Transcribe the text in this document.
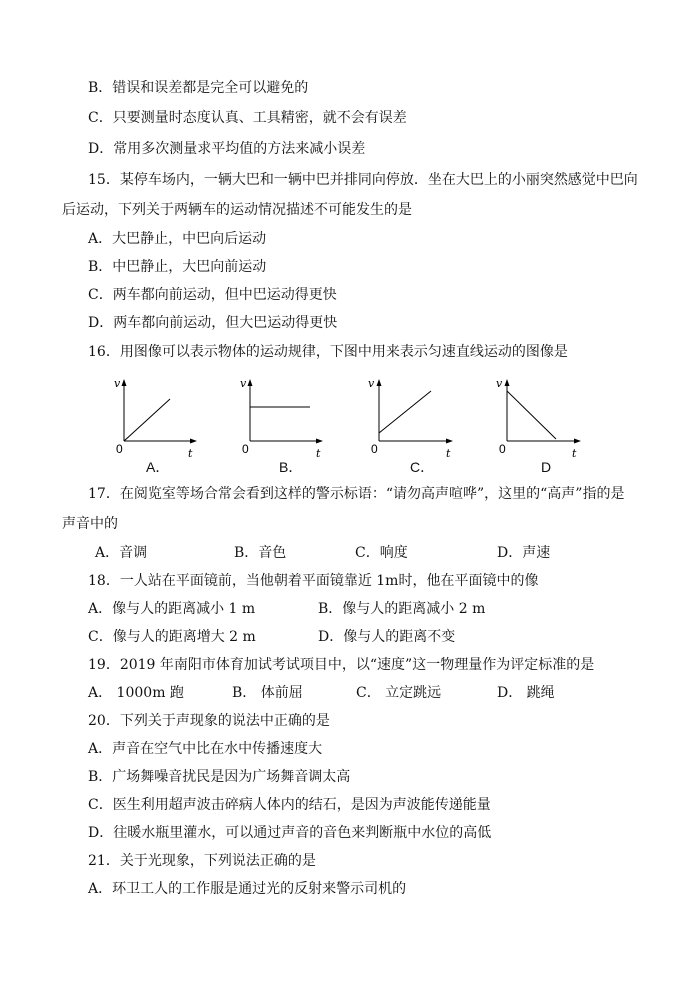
B．错误和误差都是完全可以避免的
C．只要测量时态度认真、工具精密，就不会有误差
D．常用多次测量求平均值的方法来减小误差
15．某停车场内，一辆大巴和一辆中巴并排同向停放．坐在大巴上的小丽突然感觉中巴向
后运动，下列关于两辆车的运动情况描述不可能发生的是
A．大巴静止，中巴向后运动
B．中巴静止，大巴向前运动
C．两车都向前运动，但中巴运动得更快
D．两车都向前运动，但大巴运动得更快
16．用图像可以表示物体的运动规律，下图中用来表示匀速直线运动的图像是
v
0	t
A．
v
0	t
B．
v
0	t
C．
v
0	t
D
17．在阅览室等场合常会看到这样的警示标语：“请勿高声喧哗”，这里的“高声”指的是
声音中的
A．音调	B．音色	C．响度	D．声速
18．一人站在平面镜前，当他朝着平面镜靠近 1m时，他在平面镜中的像
A．像与人的距离减小 1 m	B．像与人的距离减小 2 m
C．像与人的距离增大 2 m	D．像与人的距离不变
19．2019 年南阳市体育加试考试项目中，以“速度”这一物理量作为评定标准的是
A． 1000m 跑	B． 体前屈	C． 立定跳远	D． 跳绳
20．下列关于声现象的说法中正确的是
A．声音在空气中比在水中传播速度大
B．广场舞噪音扰民是因为广场舞音调太高
C．医生利用超声波击碎病人体内的结石，是因为声波能传递能量
D．往暖水瓶里灌水，可以通过声音的音色来判断瓶中水位的高低
21．关于光现象，下列说法正确的是
A．环卫工人的工作服是通过光的反射来警示司机的
